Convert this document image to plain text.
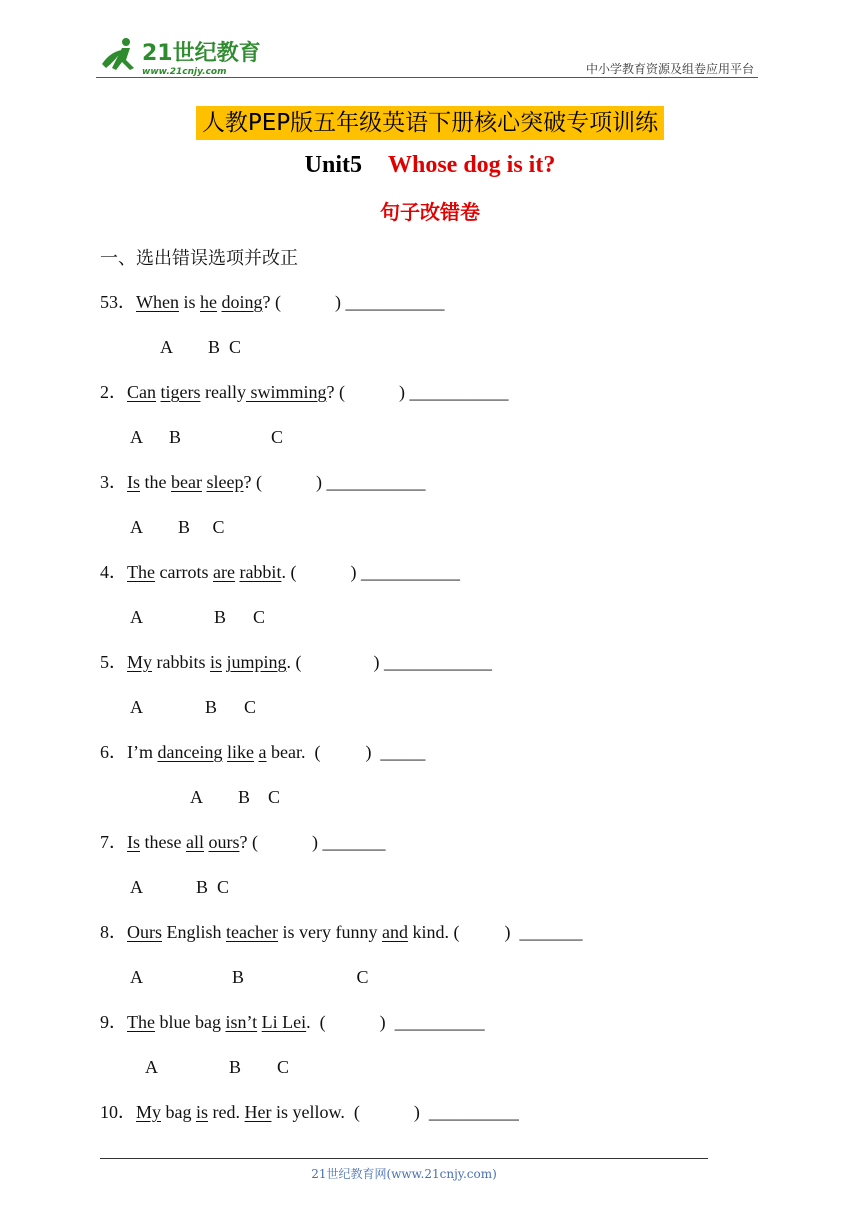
21世纪教育
www.21cnjy.com	中小学教育资源及组卷应用平台
人教PEP版五年级英语下册核心突破专项训练
Unit5 Whose dog is it?
句子改错卷
一、选出错误选项并改正
53．When is he doing? (            ) ___________
A        B  C
2．Can tigers really swimming? (            ) ___________
A      B                    C
3．Is the bear sleep? (            ) ___________
A        B     C
4．The carrots are rabbit. (            ) ___________
A                B      C
5．My rabbits is jumping. (                ) ____________
A              B      C
6．I’m danceing like a bear.  (          )  _____
A        B    C
7．Is these all ours? (            ) _______
A            B  C
8．Ours English teacher is very funny and kind. (          )  _______
A                    B                         C
9．The blue bag isn’t Li Lei.  (            )  __________
A                B        C
10．My bag is red. Her is yellow.  (            )  __________
21世纪教育网(www.21cnjy.com)
